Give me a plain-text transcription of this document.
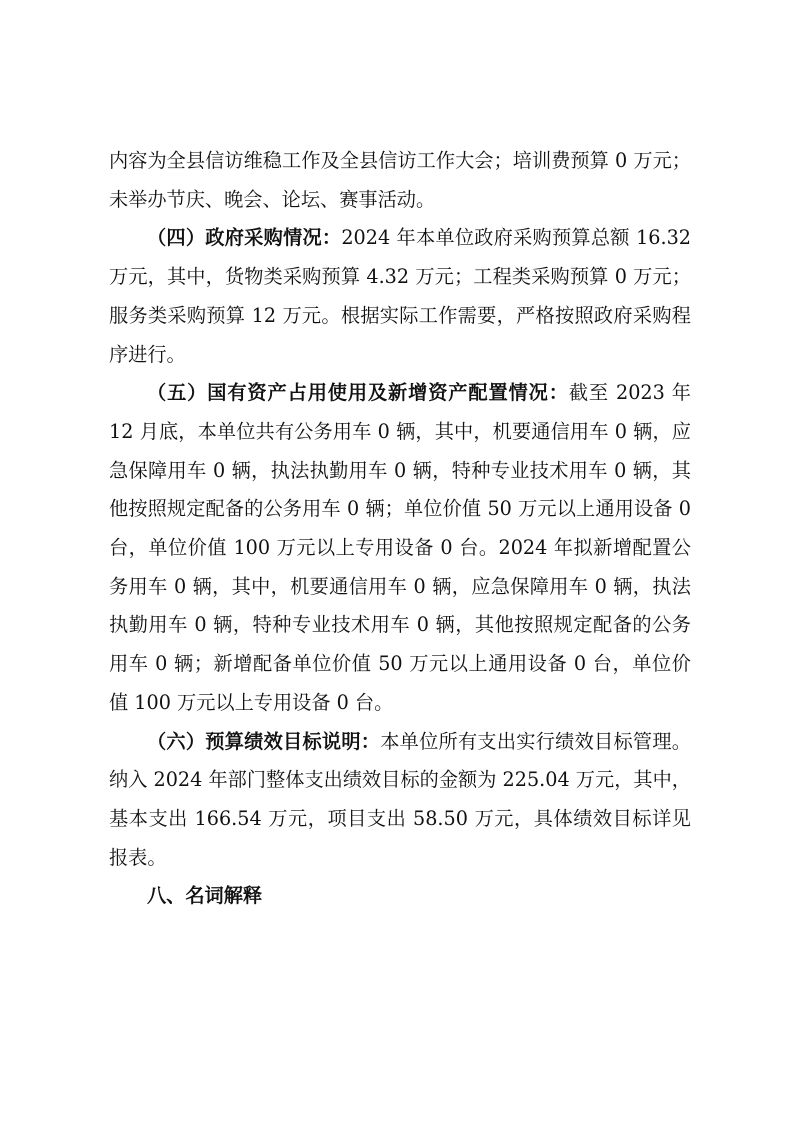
内容为全县信访维稳工作及全县信访工作大会；培训费预算 0 万元；未举办节庆、晚会、论坛、赛事活动。

（四）政府采购情况：2024 年本单位政府采购预算总额 16.32 万元，其中，货物类采购预算 4.32 万元；工程类采购预算 0 万元；服务类采购预算 12 万元。根据实际工作需要，严格按照政府采购程序进行。

（五）国有资产占用使用及新增资产配置情况：截至 2023 年 12 月底，本单位共有公务用车 0 辆，其中，机要通信用车 0 辆，应急保障用车 0 辆，执法执勤用车 0 辆，特种专业技术用车 0 辆，其他按照规定配备的公务用车 0 辆；单位价值 50 万元以上通用设备 0 台，单位价值 100 万元以上专用设备 0 台。2024 年拟新增配置公务用车 0 辆，其中，机要通信用车 0 辆，应急保障用车 0 辆，执法执勤用车 0 辆，特种专业技术用车 0 辆，其他按照规定配备的公务用车 0 辆；新增配备单位价值 50 万元以上通用设备 0 台，单位价值 100 万元以上专用设备 0 台。

（六）预算绩效目标说明：本单位所有支出实行绩效目标管理。纳入 2024 年部门整体支出绩效目标的金额为 225.04 万元，其中，基本支出 166.54 万元，项目支出 58.50 万元，具体绩效目标详见报表。

八、名词解释
